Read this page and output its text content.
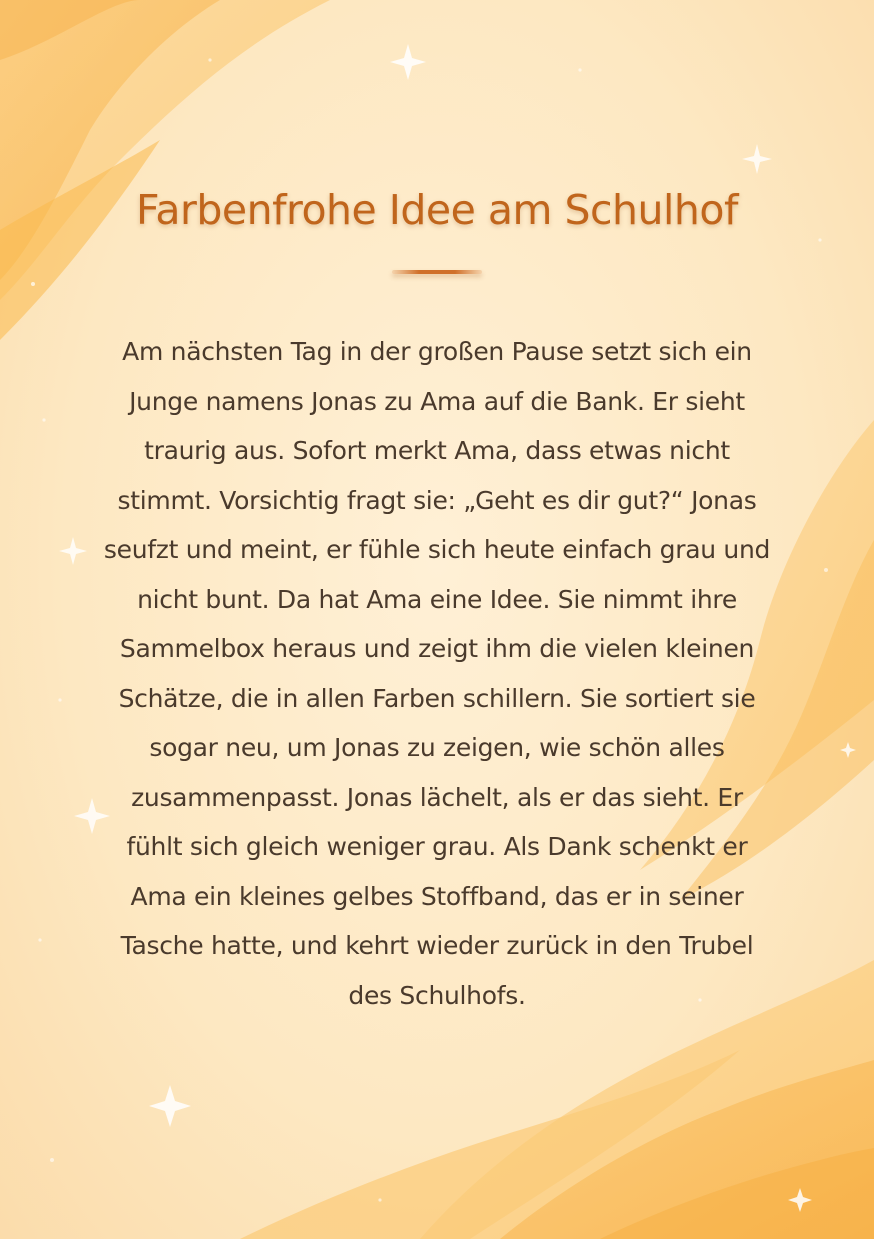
Farbenfrohe Idee am Schulhof

Am nächsten Tag in der großen Pause setzt sich ein Junge namens Jonas zu Ama auf die Bank. Er sieht traurig aus. Sofort merkt Ama, dass etwas nicht stimmt. Vorsichtig fragt sie: „Geht es dir gut?“ Jonas seufzt und meint, er fühle sich heute einfach grau und nicht bunt. Da hat Ama eine Idee. Sie nimmt ihre Sammelbox heraus und zeigt ihm die vielen kleinen Schätze, die in allen Farben schillern. Sie sortiert sie sogar neu, um Jonas zu zeigen, wie schön alles zusammenpasst. Jonas lächelt, als er das sieht. Er fühlt sich gleich weniger grau. Als Dank schenkt er Ama ein kleines gelbes Stoffband, das er in seiner Tasche hatte, und kehrt wieder zurück in den Trubel des Schulhofs.
